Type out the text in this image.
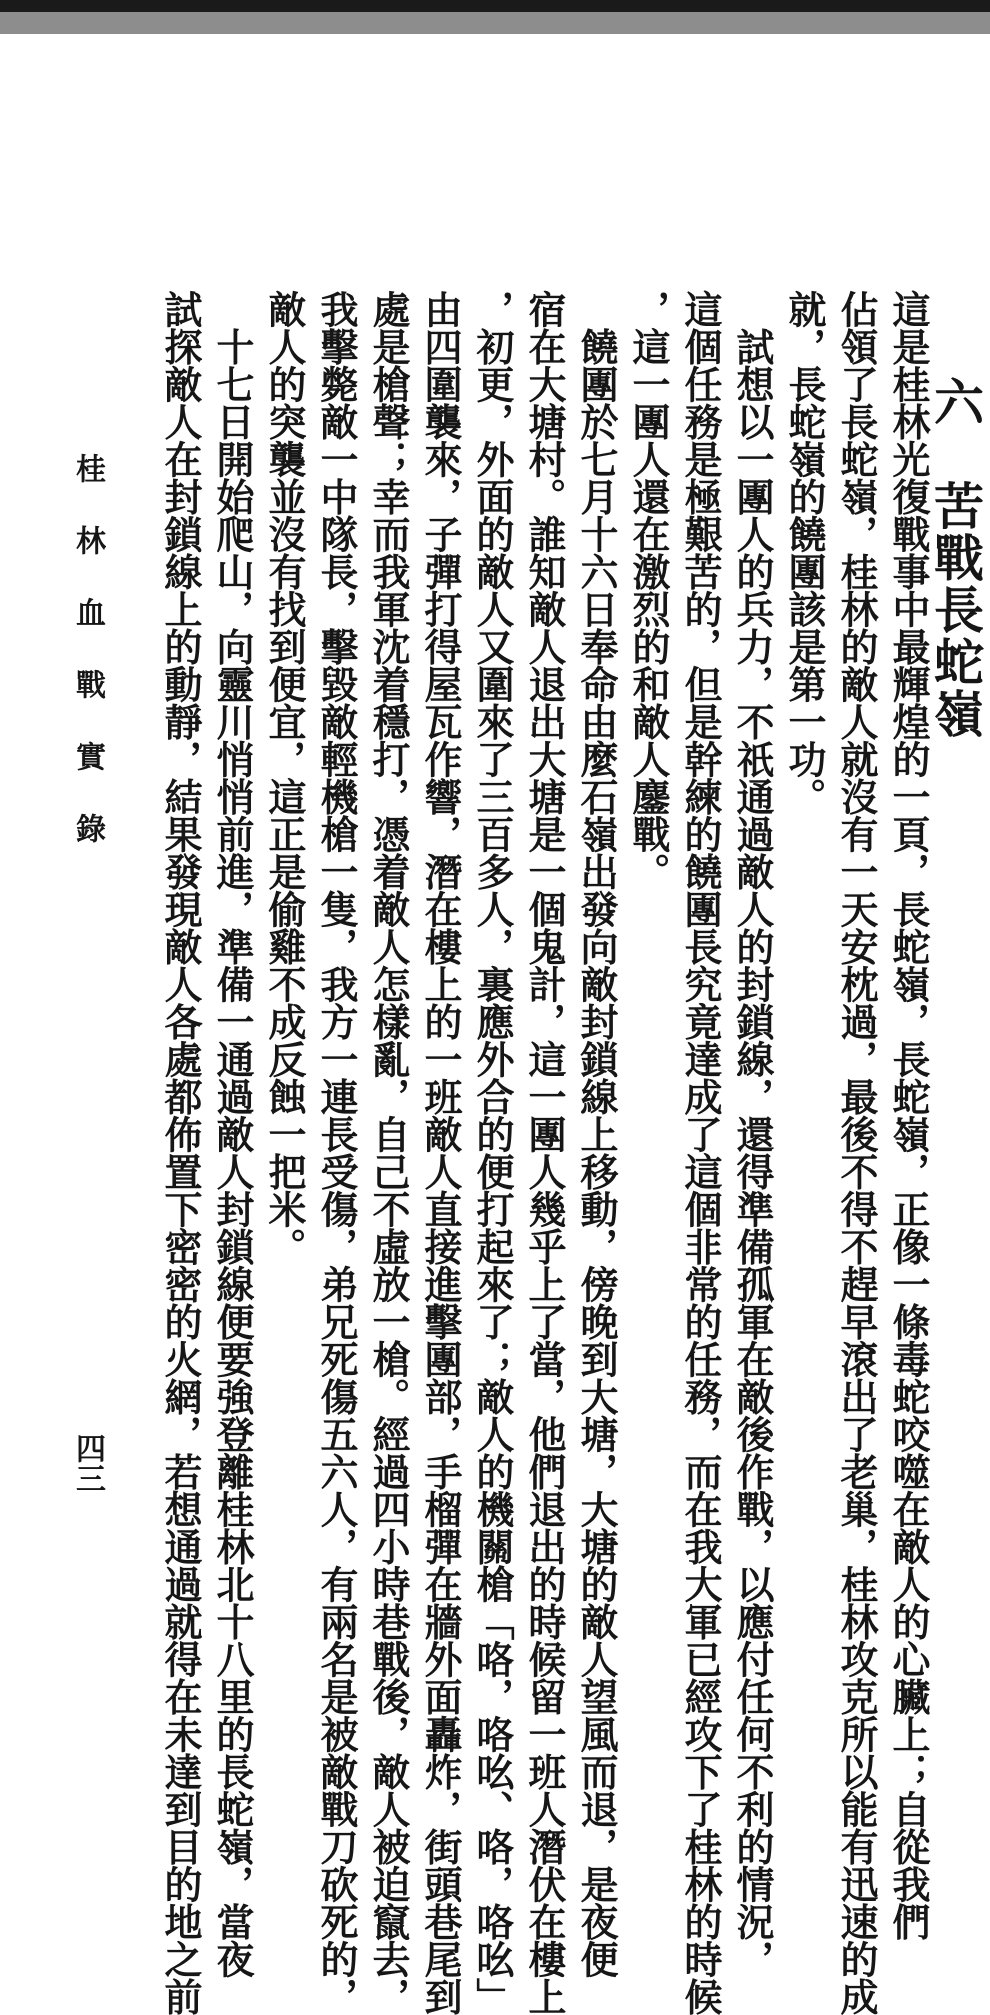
六　苦戰長蛇嶺
這是桂林光復戰事中最輝煌的一頁，長蛇嶺，長蛇嶺，正像一條毒蛇咬噬在敵人的心臟上；自從我們
佔領了長蛇嶺，桂林的敵人就沒有一天安枕過，最後不得不趕早滾出了老巢，桂林攻克所以能有迅速的成
就，長蛇嶺的饒團該是第一功。
　試想以一團人的兵力，不祇通過敵人的封鎖線，還得準備孤軍在敵後作戰，以應付任何不利的情況，
這個任務是極艱苦的，但是幹練的饒團長究竟達成了這個非常的任務，而在我大軍已經攻下了桂林的時候
，這一團人還在激烈的和敵人鏖戰。
　饒團於七月十六日奉命由麼石嶺出發向敵封鎖線上移動，傍晚到大塘，大塘的敵人望風而退，是夜便
宿在大塘村。誰知敵人退出大塘是一個鬼計，這一團人幾乎上了當，他們退出的時候留一班人潛伏在樓上
，初更，外面的敵人又圍來了三百多人，裏應外合的便打起來了；敵人的機關槍「咯，咯吆、咯，咯吆」
由四圍襲來，子彈打得屋瓦作響，潛在樓上的一班敵人直接進擊團部，手榴彈在牆外面轟炸，街頭巷尾到
處是槍聲；幸而我軍沈着穩打，憑着敵人怎樣亂，自己不虛放一槍。經過四小時巷戰後，敵人被迫竄去，
我擊斃敵一中隊長，擊毀敵輕機槍一隻，我方一連長受傷，弟兄死傷五六人，有兩名是被敵戰刀砍死的，
敵人的突襲並沒有找到便宜，這正是偷雞不成反蝕一把米。
　十七日開始爬山，向靈川悄悄前進，準備一通過敵人封鎖線便要強登離桂林北十八里的長蛇嶺，當夜
試探敵人在封鎖線上的動靜，結果發現敵人各處都佈置下密密的火網，若想通過就得在未達到目的地之前
桂林血戰實錄
四三
